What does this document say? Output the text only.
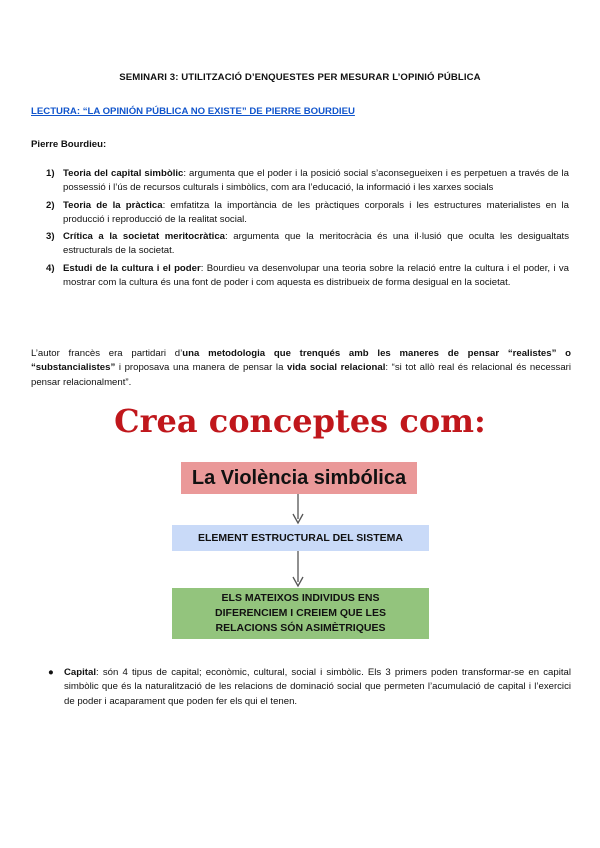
SEMINARI 3: UTILITZACIÓ D’ENQUESTES PER MESURAR L’OPINIÓ PÚBLICA
LECTURA: “LA OPINIÓN PÚBLICA NO EXISTE” DE PIERRE BOURDIEU
Pierre Bourdieu:
1) Teoria del capital simbòlic: argumenta que el poder i la posició social s’aconsegueixen i es perpetuen a través de la possessió i l’ús de recursos culturals i simbòlics, com ara l’educació, la informació i les xarxes socials
2) Teoria de la pràctica: emfatitza la importància de les pràctiques corporals i les estructures materialistes en la producció i reproducció de la realitat social.
3) Crítica a la societat meritocràtica: argumenta que la meritocràcia és una il·lusió que oculta les desigualtats estructurals de la societat.
4) Estudi de la cultura i el poder: Bourdieu va desenvolupar una teoria sobre la relació entre la cultura i el poder, i va mostrar com la cultura és una font de poder i com aquesta es distribueix de forma desigual en la societat.

L’autor francès era partidari d’una metodologia que trenqués amb les maneres de pensar “realistes” o “substancialistes” i proposava una manera de pensar la vida social relacional: “si tot allò real és relacional és necessari pensar relacionalment”.

Crea conceptes com:
La Violència simbólica
ELEMENT ESTRUCTURAL DEL SISTEMA
ELS MATEIXOS INDIVIDUS ENS DIFERENCIEM I CREIEM QUE LES RELACIONS SÓN ASIMÈTRIQUES
● Capital: són 4 tipus de capital; econòmic, cultural, social i simbòlic. Els 3 primers poden transformar-se en capital simbòlic que és la naturalització de les relacions de dominació social que permeten l’acumulació de capital i l’exercici de poder i acaparament que poden fer els qui el tenen.
